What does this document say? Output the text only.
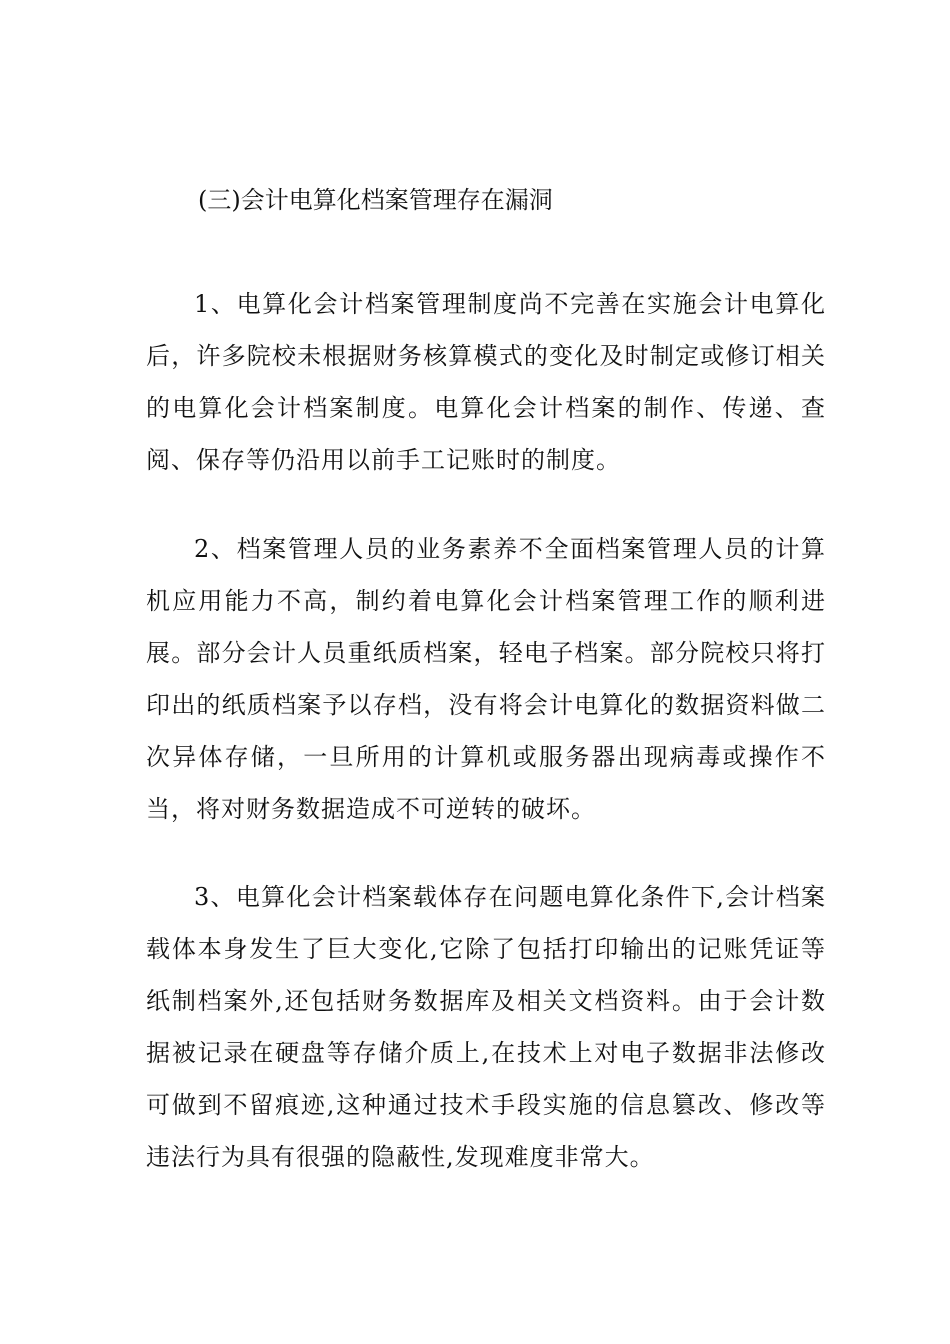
(三)会计电算化档案管理存在漏洞

1、电算化会计档案管理制度尚不完善在实施会计电算化后，许多院校未根据财务核算模式的变化及时制定或修订相关的电算化会计档案制度。电算化会计档案的制作、传递、查阅、保存等仍沿用以前手工记账时的制度。

2、档案管理人员的业务素养不全面档案管理人员的计算机应用能力不高，制约着电算化会计档案管理工作的顺利进展。部分会计人员重纸质档案，轻电子档案。部分院校只将打印出的纸质档案予以存档，没有将会计电算化的数据资料做二次异体存储，一旦所用的计算机或服务器出现病毒或操作不当，将对财务数据造成不可逆转的破坏。

3、电算化会计档案载体存在问题电算化条件下,会计档案载体本身发生了巨大变化,它除了包括打印输出的记账凭证等纸制档案外,还包括财务数据库及相关文档资料。由于会计数据被记录在硬盘等存储介质上,在技术上对电子数据非法修改可做到不留痕迹,这种通过技术手段实施的信息篡改、修改等违法行为具有很强的隐蔽性,发现难度非常大。
